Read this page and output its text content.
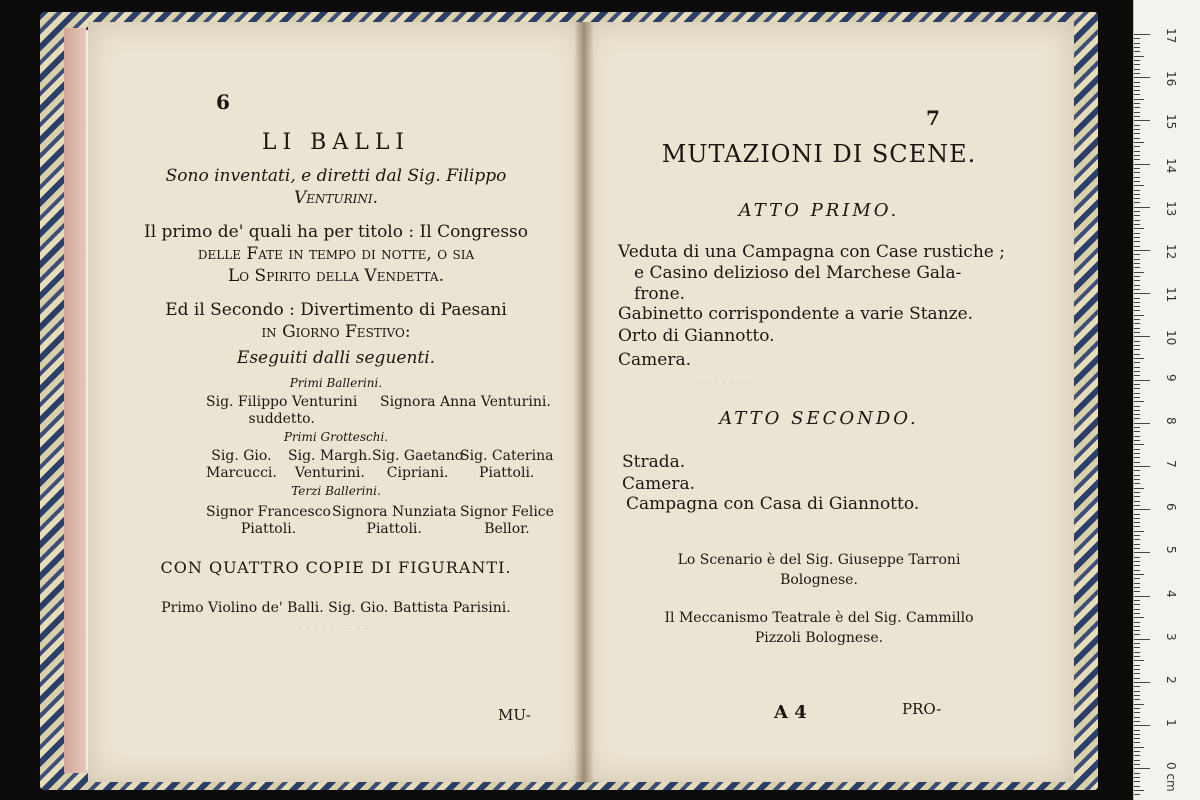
6
LI BALLI
Sono inventati, e diretti dal Sig. Filippo
Venturini.
Il primo de' quali ha per titolo : Il Congresso
delle Fate in tempo di notte, o sia
Lo Spirito della Vendetta.
Ed il Secondo : Divertimento di Paesani
in Giorno Festivo:
Eseguiti dalli seguenti.
Primi Ballerini.
Sig. Filippo Venturini
suddetto.
Signora Anna Venturini.
Primi Grotteschi.
Sig. Gio.
Marcucci.
Sig. Margh.
Venturini.
Sig. Gaetano
Cipriani.
Sig. Caterina
Piattoli.
Terzi Ballerini.
Signor Francesco
Piattoli.
Signora Nunziata
Piattoli.
Signor Felice
Bellor.
CON QUATTRO COPIE DI FIGURANTI.
Primo Violino de' Balli. Sig. Gio. Battista Parisini.
MU-
· · · · · · · · ·
7
MUTAZIONI DI SCENE.
ATTO PRIMO.
Veduta di una Campagna con Case rustiche ;
e Casino delizioso del Marchese Gala-
frone.
Gabinetto corrispondente a varie Stanze.
Orto di Giannotto.
Camera.
ATTO SECONDO.
Strada.
Camera.
Campagna con Casa di Giannotto.
Lo Scenario è del Sig. Giuseppe Tarroni
Bolognese.
Il Meccanismo Teatrale è del Sig. Cammillo
Pizzoli Bolognese.
A 4	PRO-
· · · · · · · · · · · ·
17
16
15
14
13
12
11
10
9
8
7
6
5
4
3
2
1
0 cm
